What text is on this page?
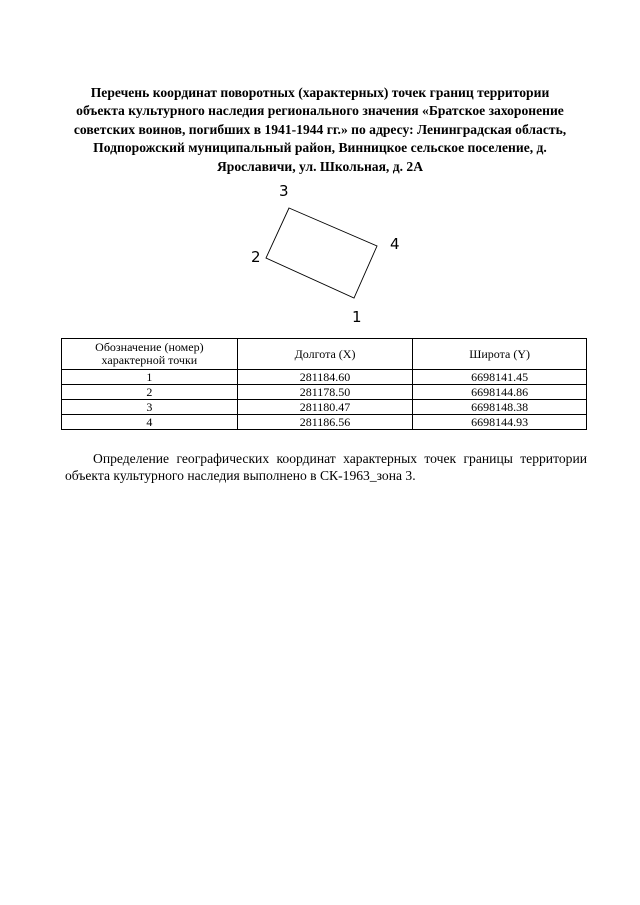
Перечень координат поворотных (характерных) точек границ территории
объекта культурного наследия регионального значения «Братское захоронение
советских воинов, погибших в 1941-1944 гг.» по адресу: Ленинградская область,
Подпорожский муниципальный район, Винницкое сельское поселение, д.
Ярославичи, ул. Школьная, д. 2А
1
2
3
4
Обозначение (номер) характерной точки	Долгота (X)	Широта (Y)
1	281184.60	6698141.45
2	281178.50	6698144.86
3	281180.47	6698148.38
4	281186.56	6698144.93
Определение географических координат характерных точек границы территории объекта культурного наследия выполнено в СК-1963_зона 3.
